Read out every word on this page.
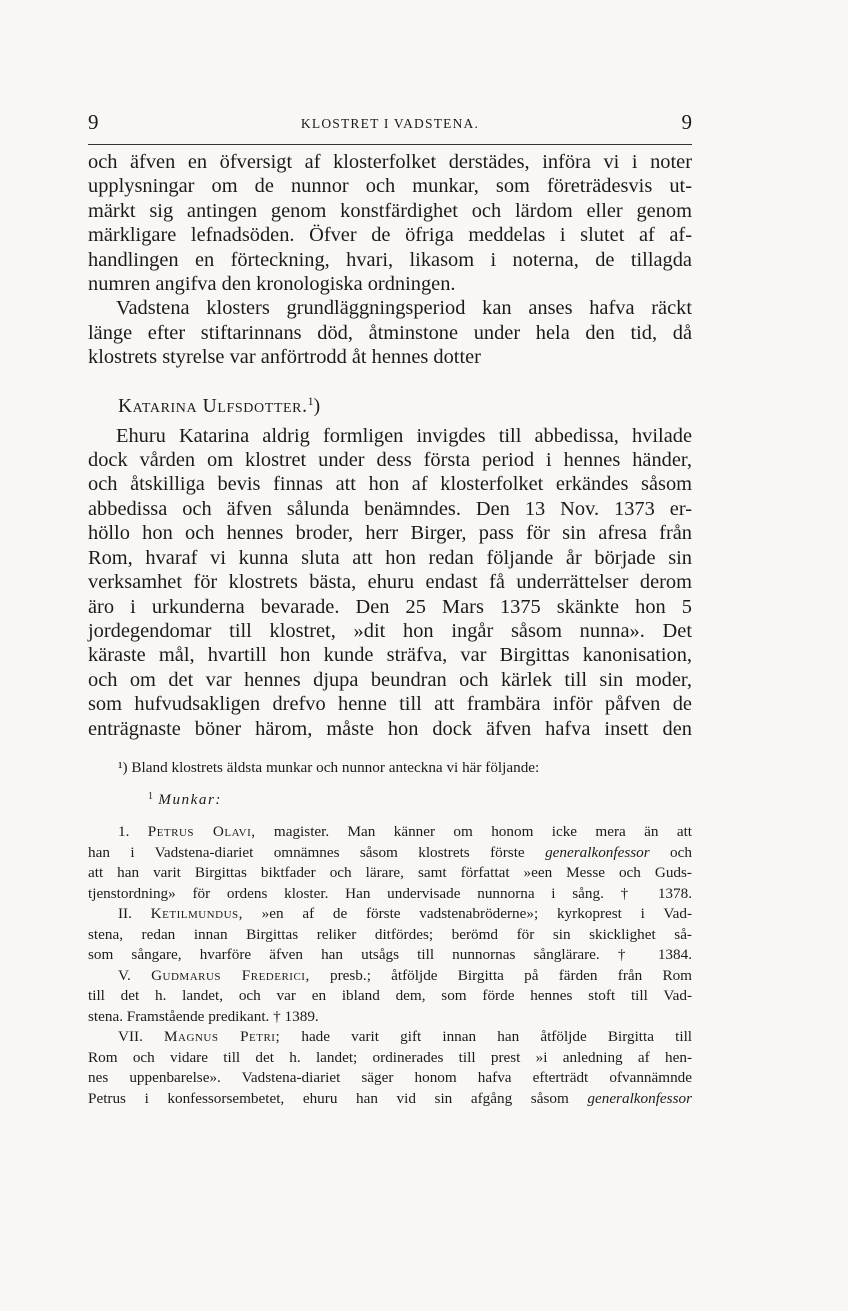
9	KLOSTRET I VADSTENA.	9
och äfven en öfversigt af klosterfolket derstädes, införa vi i noter
upplysningar om de nunnor och munkar, som företrädesvis ut-
märkt sig antingen genom konstfärdighet och lärdom eller genom
märkligare lefnadsöden. Öfver de öfriga meddelas i slutet af af-
handlingen en förteckning, hvari, likasom i noterna, de tillagda
numren angifva den kronologiska ordningen.
Vadstena klosters grundläggningsperiod kan anses hafva räckt
länge efter stiftarinnans död, åtminstone under hela den tid, då
klostrets styrelse var anförtrodd åt hennes dotter
Katarina Ulfsdotter.$^1$)
Ehuru Katarina aldrig formligen invigdes till abbedissa, hvilade
dock vården om klostret under dess första period i hennes händer,
och åtskilliga bevis finnas att hon af klosterfolket erkändes såsom
abbedissa och äfven sålunda benämndes. Den 13 Nov. 1373 er-
höllo hon och hennes broder, herr Birger, pass för sin afresa från
Rom, hvaraf vi kunna sluta att hon redan följande år började sin
verksamhet för klostrets bästa, ehuru endast få underrättelser derom
äro i urkunderna bevarade. Den 25 Mars 1375 skänkte hon 5
jordegendomar till klostret, »dit hon ingår såsom nunna». Det
käraste mål, hvartill hon kunde sträfva, var Birgittas kanonisation,
och om det var hennes djupa beundran och kärlek till sin moder,
som hufvudsakligen drefvo henne till att frambära inför påfven de
enträgnaste böner härom, måste hon dock äfven hafva insett den
¹) Bland klostrets äldsta munkar och nunnor anteckna vi här följande:
$^1$ Munkar:
1. Petrus Olavi, magister. Man känner om honom icke mera än att
han i Vadstena-diariet omnämnes såsom klostrets förste generalkonfessor och
att han varit Birgittas biktfader och lärare, samt författat »een Messe och Guds-
tjenstordning» för ordens kloster. Han undervisade nunnorna i sång. † 1378.
II. Ketilmundus, »en af de förste vadstenabröderne»; kyrkoprest i Vad-
stena, redan innan Birgittas reliker ditfördes; berömd för sin skicklighet så-
som sångare, hvarföre äfven han utsågs till nunnornas sånglärare. † 1384.
V. Gudmarus Frederici, presb.; åtföljde Birgitta på färden från Rom
till det h. landet, och var en ibland dem, som förde hennes stoft till Vad-
stena. Framstående predikant. † 1389.
VII. Magnus Petri; hade varit gift innan han åtföljde Birgitta till
Rom och vidare till det h. landet; ordinerades till prest »i anledning af hen-
nes uppenbarelse». Vadstena-diariet säger honom hafva efterträdt ofvannämnde
Petrus i konfessorsembetet, ehuru han vid sin afgång såsom generalkonfessor
